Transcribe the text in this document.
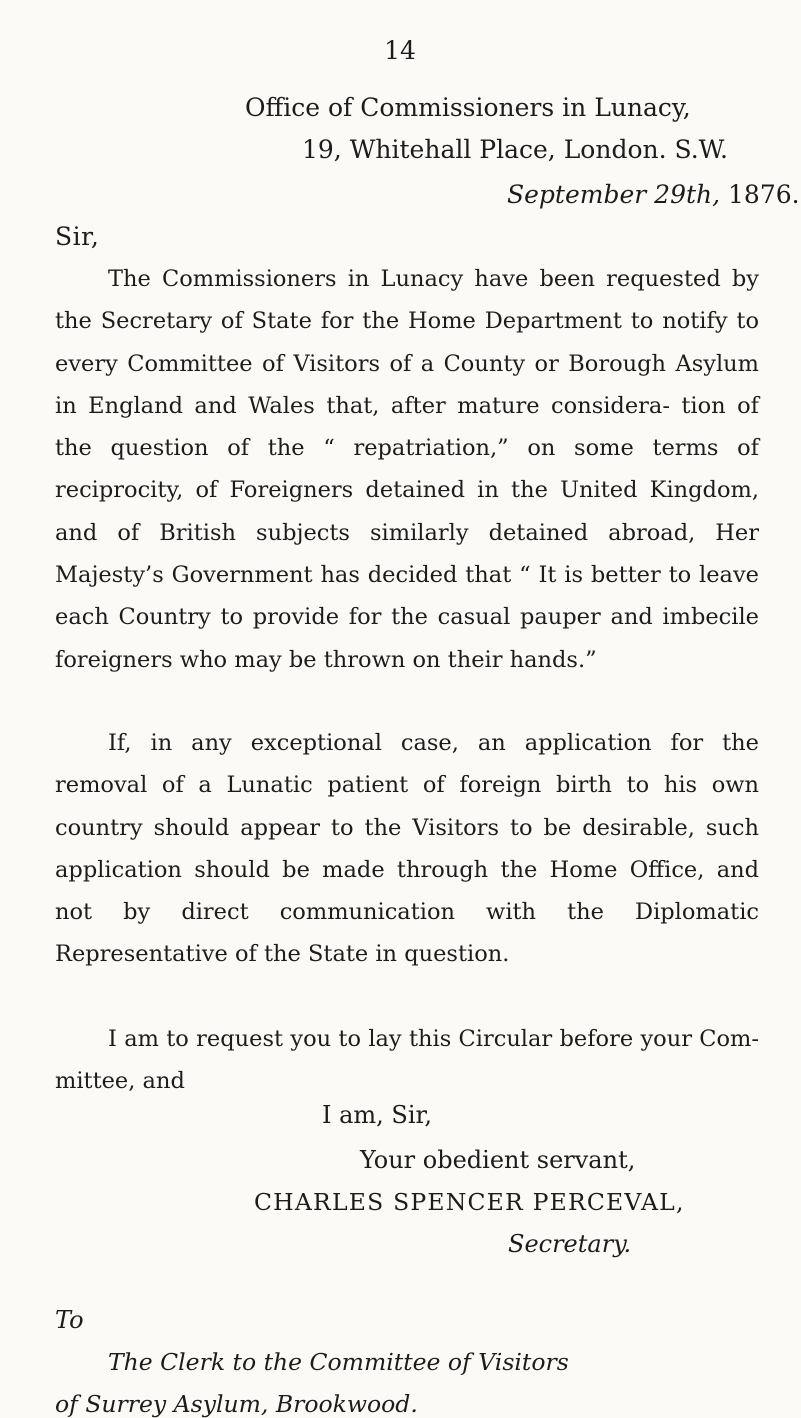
14
Office of Commissioners in Lunacy,
19, Whitehall Place, London. S.W.
September 29th, 1876.
Sir,

The Commissioners in Lunacy have been requested by the Secretary of State for the Home Department to notify to every Committee of Visitors of a County or Borough Asylum in England and Wales that, after mature considera- tion of the question of the “ repatriation,” on some terms of reciprocity, of Foreigners detained in the United Kingdom, and of British subjects similarly detained abroad, Her Majesty’s Government has decided that “ It is better to leave each Country to provide for the casual pauper and imbecile foreigners who may be thrown on their hands.”

If, in any exceptional case, an application for the removal of a Lunatic patient of foreign birth to his own country should appear to the Visitors to be desirable, such application should be made through the Home Office, and not by direct communication with the Diplomatic Representative of the State in question.

I am to request you to lay this Circular before your Com- mittee, and

I am, Sir,
Your obedient servant,
CHARLES SPENCER PERCEVAL,
Secretary.
To
The Clerk to the Committee of Visitors
of Surrey Asylum, Brookwood.
